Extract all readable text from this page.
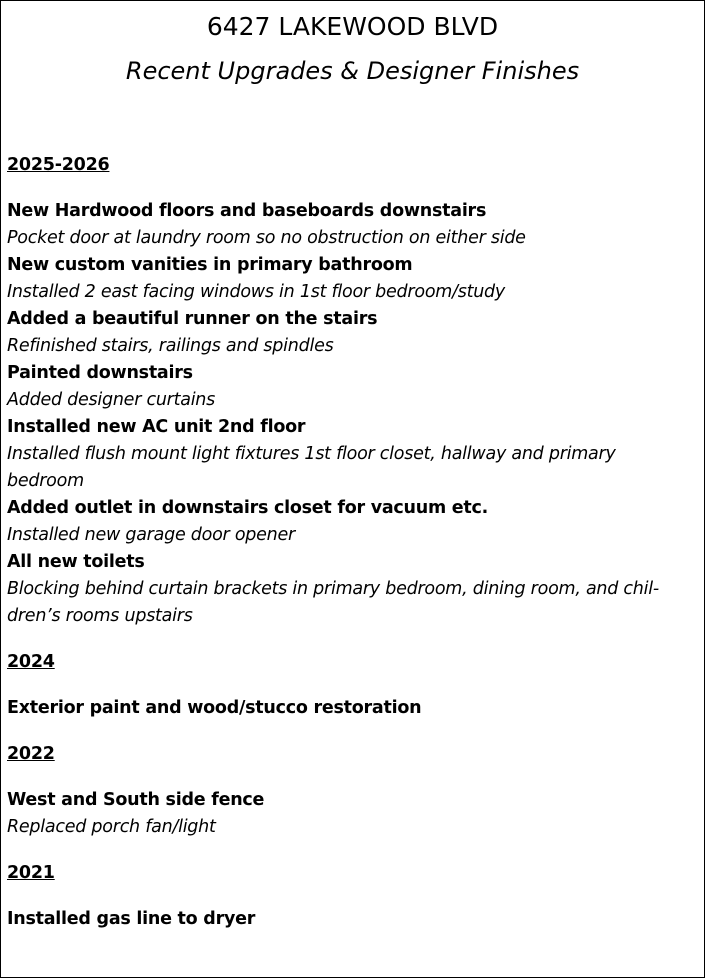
6427 LAKEWOOD BLVD
Recent Upgrades & Designer Finishes
2025-2026
New Hardwood floors and baseboards downstairs
Pocket door at laundry room so no obstruction on either side
New custom vanities in primary bathroom
Installed 2 east facing windows in 1st floor bedroom/study
Added a beautiful runner on the stairs
Refinished stairs, railings and spindles
Painted downstairs
Added designer curtains
Installed new AC unit 2nd floor
Installed flush mount light fixtures 1st floor closet, hallway and primary
bedroom
Added outlet in downstairs closet for vacuum etc.
Installed new garage door opener
All new toilets
Blocking behind curtain brackets in primary bedroom, dining room, and chil-
dren’s rooms upstairs
2024
Exterior paint and wood/stucco restoration
2022
West and South side fence
Replaced porch fan/light
2021
Installed gas line to dryer
